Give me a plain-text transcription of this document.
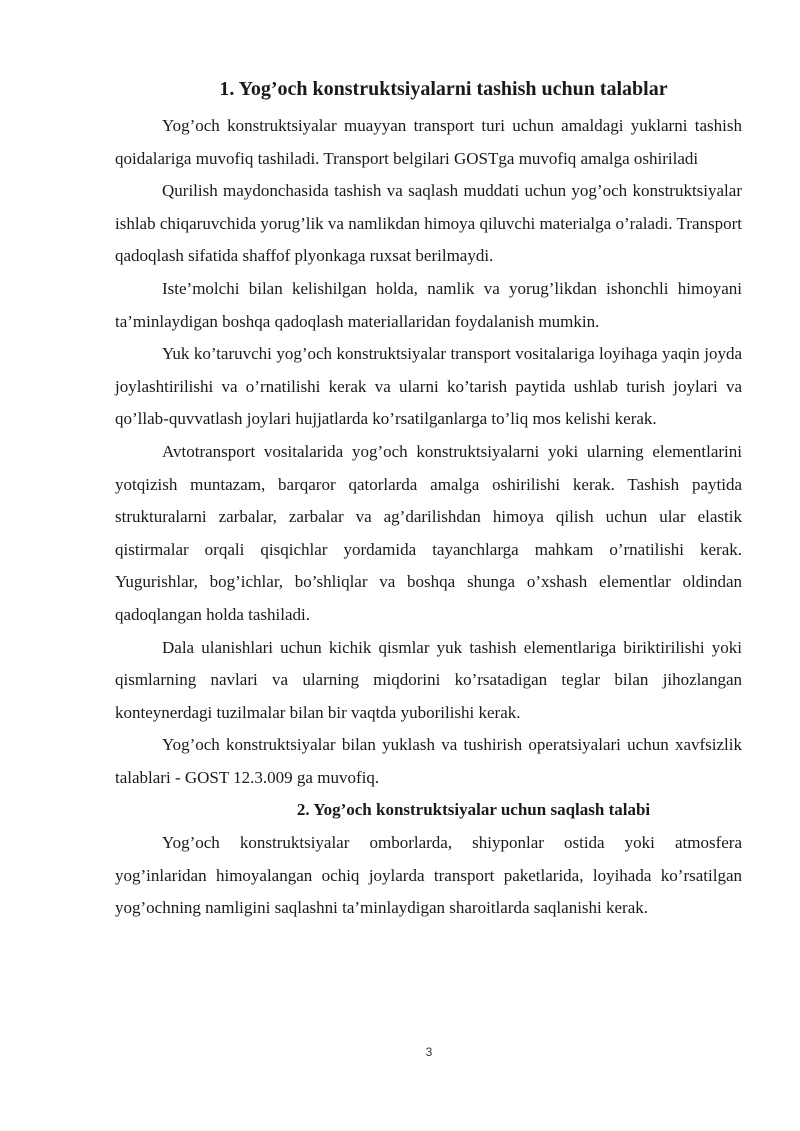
1. Yog’och konstruktsiyalarni tashish uchun talablar

Yog’och konstruktsiyalar muayyan transport turi uchun amaldagi yuklarni tashish qoidalariga muvofiq tashiladi. Transport belgilari GOSTga muvofiq amalga oshiriladi

Qurilish maydonchasida tashish va saqlash muddati uchun yog’och konstruktsiyalar ishlab chiqaruvchida yorug’lik va namlikdan himoya qiluvchi materialga o’raladi. Transport qadoqlash sifatida shaffof plyonkaga ruxsat berilmaydi.

Iste’molchi bilan kelishilgan holda, namlik va yorug’likdan ishonchli himoyani ta’minlaydigan boshqa qadoqlash materiallaridan foydalanish mumkin.

Yuk ko’taruvchi yog’och konstruktsiyalar transport vositalariga loyihaga yaqin joyda joylashtirilishi va o’rnatilishi kerak va ularni ko’tarish paytida ushlab turish joylari va qo’llab-quvvatlash joylari hujjatlarda ko’rsatilganlarga to’liq mos kelishi kerak.

Avtotransport vositalarida yog’och konstruktsiyalarni yoki ularning elementlarini yotqizish muntazam, barqaror qatorlarda amalga oshirilishi kerak. Tashish paytida strukturalarni zarbalar, zarbalar va ag’darilishdan himoya qilish uchun ular elastik qistirmalar orqali qisqichlar yordamida tayanchlarga mahkam o’rnatilishi kerak. Yugurishlar, bog’ichlar, bo’shliqlar va boshqa shunga o’xshash elementlar oldindan qadoqlangan holda tashiladi.

Dala ulanishlari uchun kichik qismlar yuk tashish elementlariga biriktirilishi yoki qismlarning navlari va ularning miqdorini ko’rsatadigan teglar bilan jihozlangan konteynerdagi tuzilmalar bilan bir vaqtda yuborilishi kerak.

Yog’och konstruktsiyalar bilan yuklash va tushirish operatsiyalari uchun xavfsizlik talablari - GOST 12.3.009 ga muvofiq.

2. Yog’och konstruktsiyalar uchun saqlash talabi

Yog’och konstruktsiyalar omborlarda, shiyponlar ostida yoki atmosfera yog’inlaridan himoyalangan ochiq joylarda transport paketlarida, loyihada ko’rsatilgan yog’ochning namligini saqlashni ta’minlaydigan sharoitlarda saqlanishi kerak.

3
